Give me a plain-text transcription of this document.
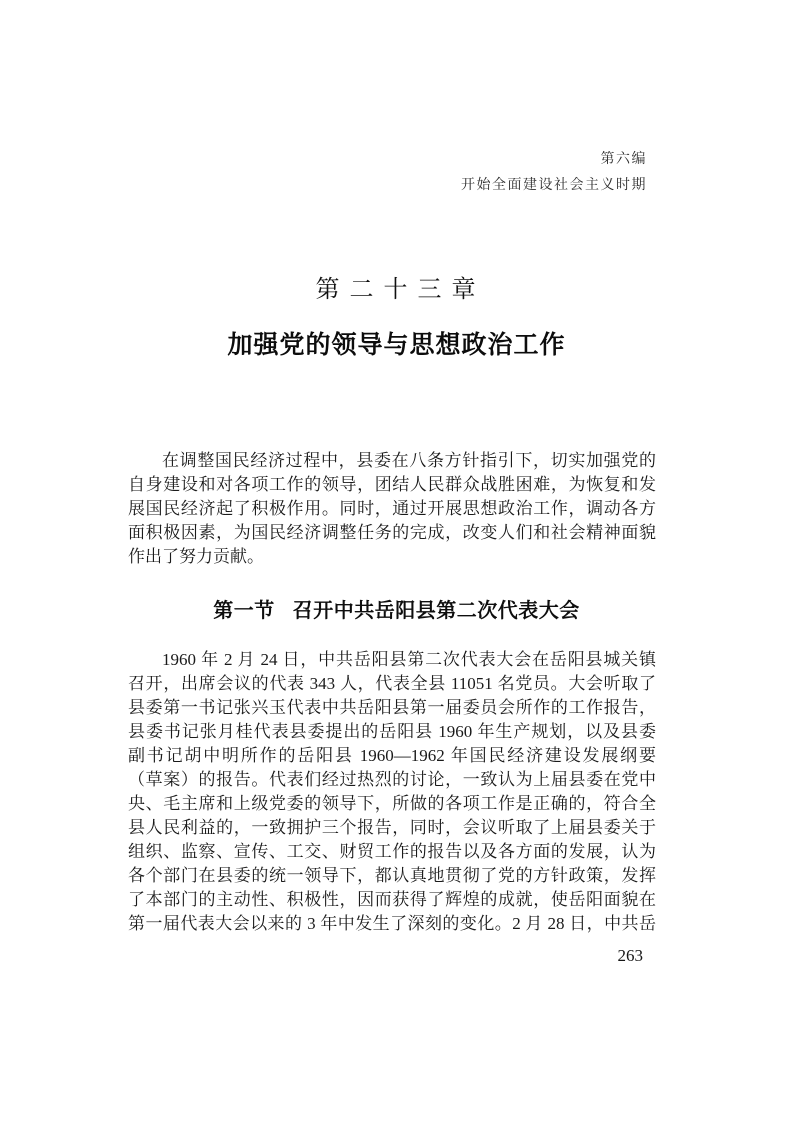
第六编
开始全面建设社会主义时期
第 二 十 三 章
加强党的领导与思想政治工作
在调整国民经济过程中，县委在八条方针指引下，切实加强党的
自身建设和对各项工作的领导，团结人民群众战胜困难，为恢复和发
展国民经济起了积极作用。同时，通过开展思想政治工作，调动各方
面积极因素，为国民经济调整任务的完成，改变人们和社会精神面貌
作出了努力贡献。
第一节 召开中共岳阳县第二次代表大会
1960 年 2 月 24 日，中共岳阳县第二次代表大会在岳阳县城关镇
召开，出席会议的代表 343 人，代表全县 11051 名党员。大会听取了
县委第一书记张兴玉代表中共岳阳县第一届委员会所作的工作报告，
县委书记张月桂代表县委提出的岳阳县 1960 年生产规划，以及县委
副书记胡中明所作的岳阳县 1960—1962 年国民经济建设发展纲要
（草案）的报告。代表们经过热烈的讨论，一致认为上届县委在党中
央、毛主席和上级党委的领导下，所做的各项工作是正确的，符合全
县人民利益的，一致拥护三个报告，同时，会议听取了上届县委关于
组织、监察、宣传、工交、财贸工作的报告以及各方面的发展，认为
各个部门在县委的统一领导下，都认真地贯彻了党的方针政策，发挥
了本部门的主动性、积极性，因而获得了辉煌的成就，使岳阳面貌在
第一届代表大会以来的 3 年中发生了深刻的变化。2 月 28 日，中共岳
263
